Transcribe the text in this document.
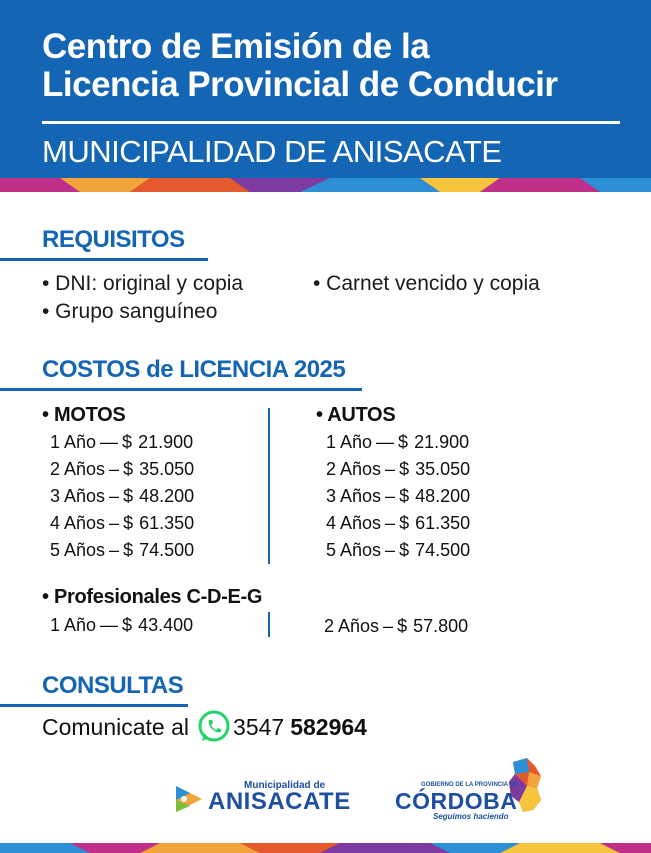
Centro de Emisión de la
Licencia Provincial de Conducir
MUNICIPALIDAD DE ANISACATE
REQUISITOS
• DNI: original y copia	• Carnet vencido y copia
• Grupo sanguíneo
COSTOS de LICENCIA 2025
• MOTOS
1 Año — $ 21.900
2 Años – $ 35.050
3 Años – $ 48.200
4 Años – $ 61.350
5 Años – $ 74.500
• AUTOS
1 Año — $ 21.900
2 Años – $ 35.050
3 Años – $ 48.200
4 Años – $ 61.350
5 Años – $ 74.500
• Profesionales C-D-E-G
1 Año — $ 43.400	2 Años – $ 57.800
CONSULTAS
Comunicate al 3547 582964
Municipalidad de
ANISACATE
GOBIERNO DE LA PROVINCIA DE
CÓRDOBA
Seguimos haciendo
